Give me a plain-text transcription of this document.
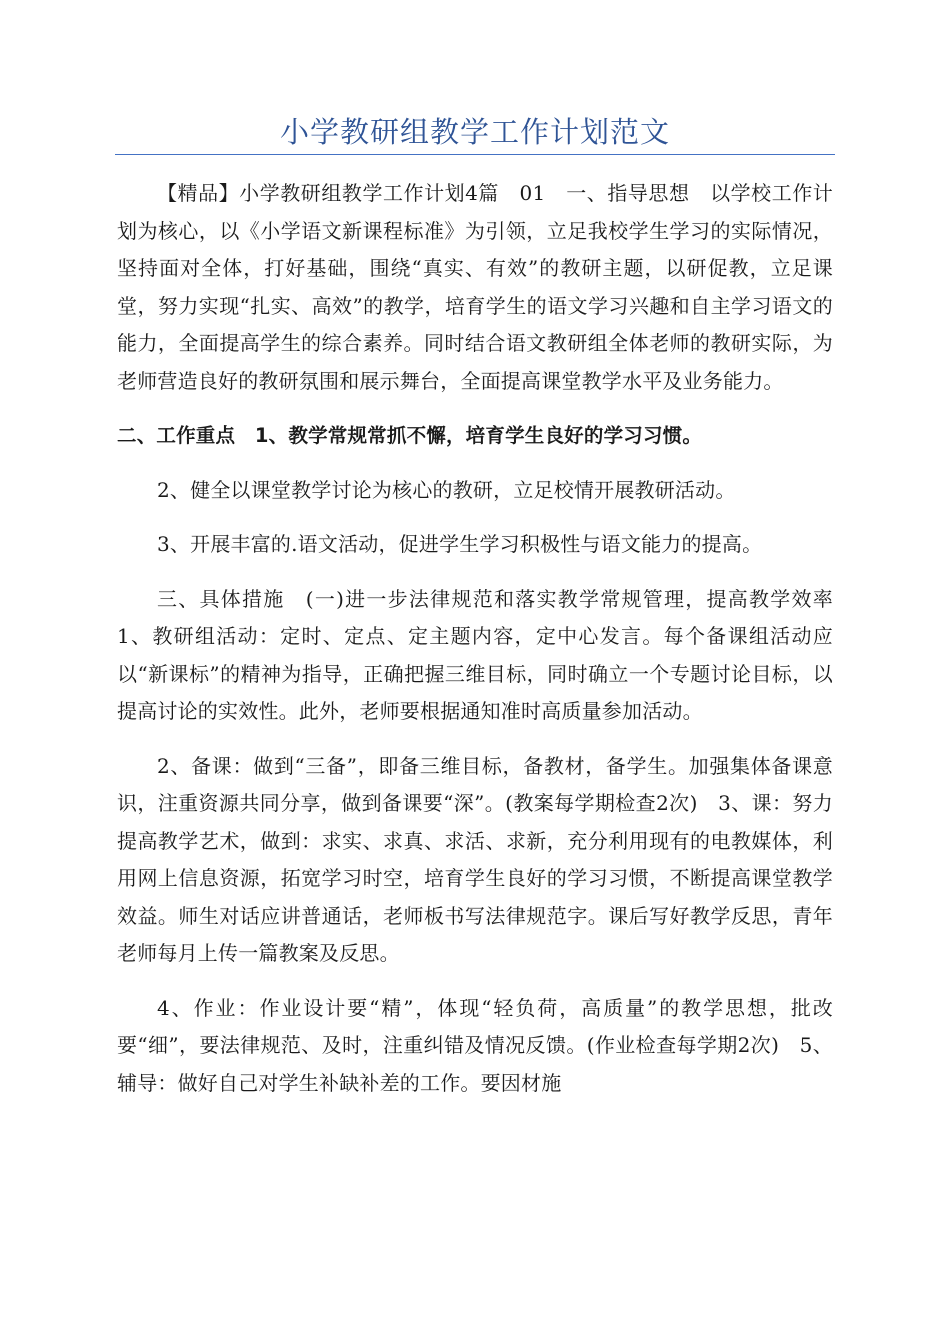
小学教研组教学工作计划范文

【精品】小学教研组教学工作计划4篇　01　一、指导思想　以学校工作计划为核心，以《小学语文新课程标准》为引领，立足我校学生学习的实际情况，坚持面对全体，打好基础，围绕“真实、有效”的教研主题，以研促教，立足课堂，努力实现“扎实、高效”的教学，培育学生的语文学习兴趣和自主学习语文的能力，全面提高学生的综合素养。同时结合语文教研组全体老师的教研实际，为老师营造良好的教研氛围和展示舞台，全面提高课堂教学水平及业务能力。

二、工作重点　1、教学常规常抓不懈，培育学生良好的学习习惯。

2、健全以课堂教学讨论为核心的教研，立足校情开展教研活动。

3、开展丰富的.语文活动，促进学生学习积极性与语文能力的提高。

三、具体措施　(一)进一步法律规范和落实教学常规管理，提高教学效率　1、教研组活动：定时、定点、定主题内容，定中心发言。每个备课组活动应以“新课标”的精神为指导，正确把握三维目标，同时确立一个专题讨论目标，以提高讨论的实效性。此外，老师要根据通知准时高质量参加活动。

2、备课：做到“三备”，即备三维目标，备教材，备学生。加强集体备课意识，注重资源共同分享，做到备课要“深”。(教案每学期检查2次)　3、课：努力提高教学艺术，做到：求实、求真、求活、求新，充分利用现有的电教媒体，利用网上信息资源，拓宽学习时空，培育学生良好的学习习惯，不断提高课堂教学效益。师生对话应讲普通话，老师板书写法律规范字。课后写好教学反思，青年老师每月上传一篇教案及反思。

4、作业：作业设计要“精”，体现“轻负荷，高质量”的教学思想，批改要“细”，要法律规范、及时，注重纠错及情况反馈。(作业检查每学期2次)　5、辅导：做好自己对学生补缺补差的工作。要因材施
